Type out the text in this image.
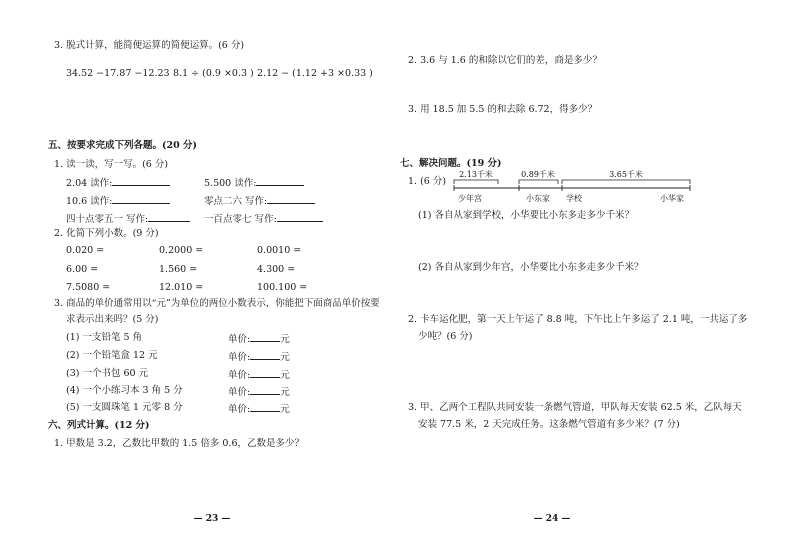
3. 脱式计算，能简便运算的简便运算。(6 分)
34.52 −17.87 −12.23 8.1 ÷ (0.9 ×0.3 ) 2.12 − (1.12 +3 ×0.33 )
五、按要求完成下列各题。(20 分)
1. 读一读，写一写。(6 分)
2.04 读作:	5.500 读作:
10.6 读作:	零点二六 写作:
四十点零五一 写作:	一百点零七 写作:
2. 化简下列小数。(9 分)
0.020 =	0.2000 =	0.0010 =
6.00 =	1.560 =	4.300 =
7.5080 =	12.010 =	100.100 =
3. 商品的单价通常用以“元”为单位的两位小数表示，你能把下面商品单价按要
求表示出来吗？(5 分)
(1) 一支铅笔 5 角	单价:	元
(2) 一个铅笔盒 12 元	单价:	元
(3) 一个书包 60 元	单价:	元
(4) 一个小练习本 3 角 5 分	单价:	元
(5) 一支圆珠笔 1 元零 8 分	单价:	元
六、列式计算。(12 分)
1. 甲数是 3.2，乙数比甲数的 1.5 倍多 0.6，乙数是多少？
— 23 —
2. 3.6 与 1.6 的和除以它们的差，商是多少？
3. 用 18.5 加 5.5 的和去除 6.72，得多少？
七、解决问题。(19 分)
1. (6 分)
2.13千米	0.89千米	3.65千米
少年宫	小东家 学校	小华家
(1) 各自从家到学校，小华要比小东多走多少千米？
(2) 各自从家到少年宫，小华要比小东多走多少千米？
2. 卡车运化肥，第一天上午运了 8.8 吨，下午比上午多运了 2.1 吨，一共运了多
少吨？(6 分)
3. 甲、乙两个工程队共同安装一条燃气管道，甲队每天安装 62.5 米，乙队每天
安装 77.5 米，2 天完成任务。这条燃气管道有多少米？(7 分)
— 24 —
